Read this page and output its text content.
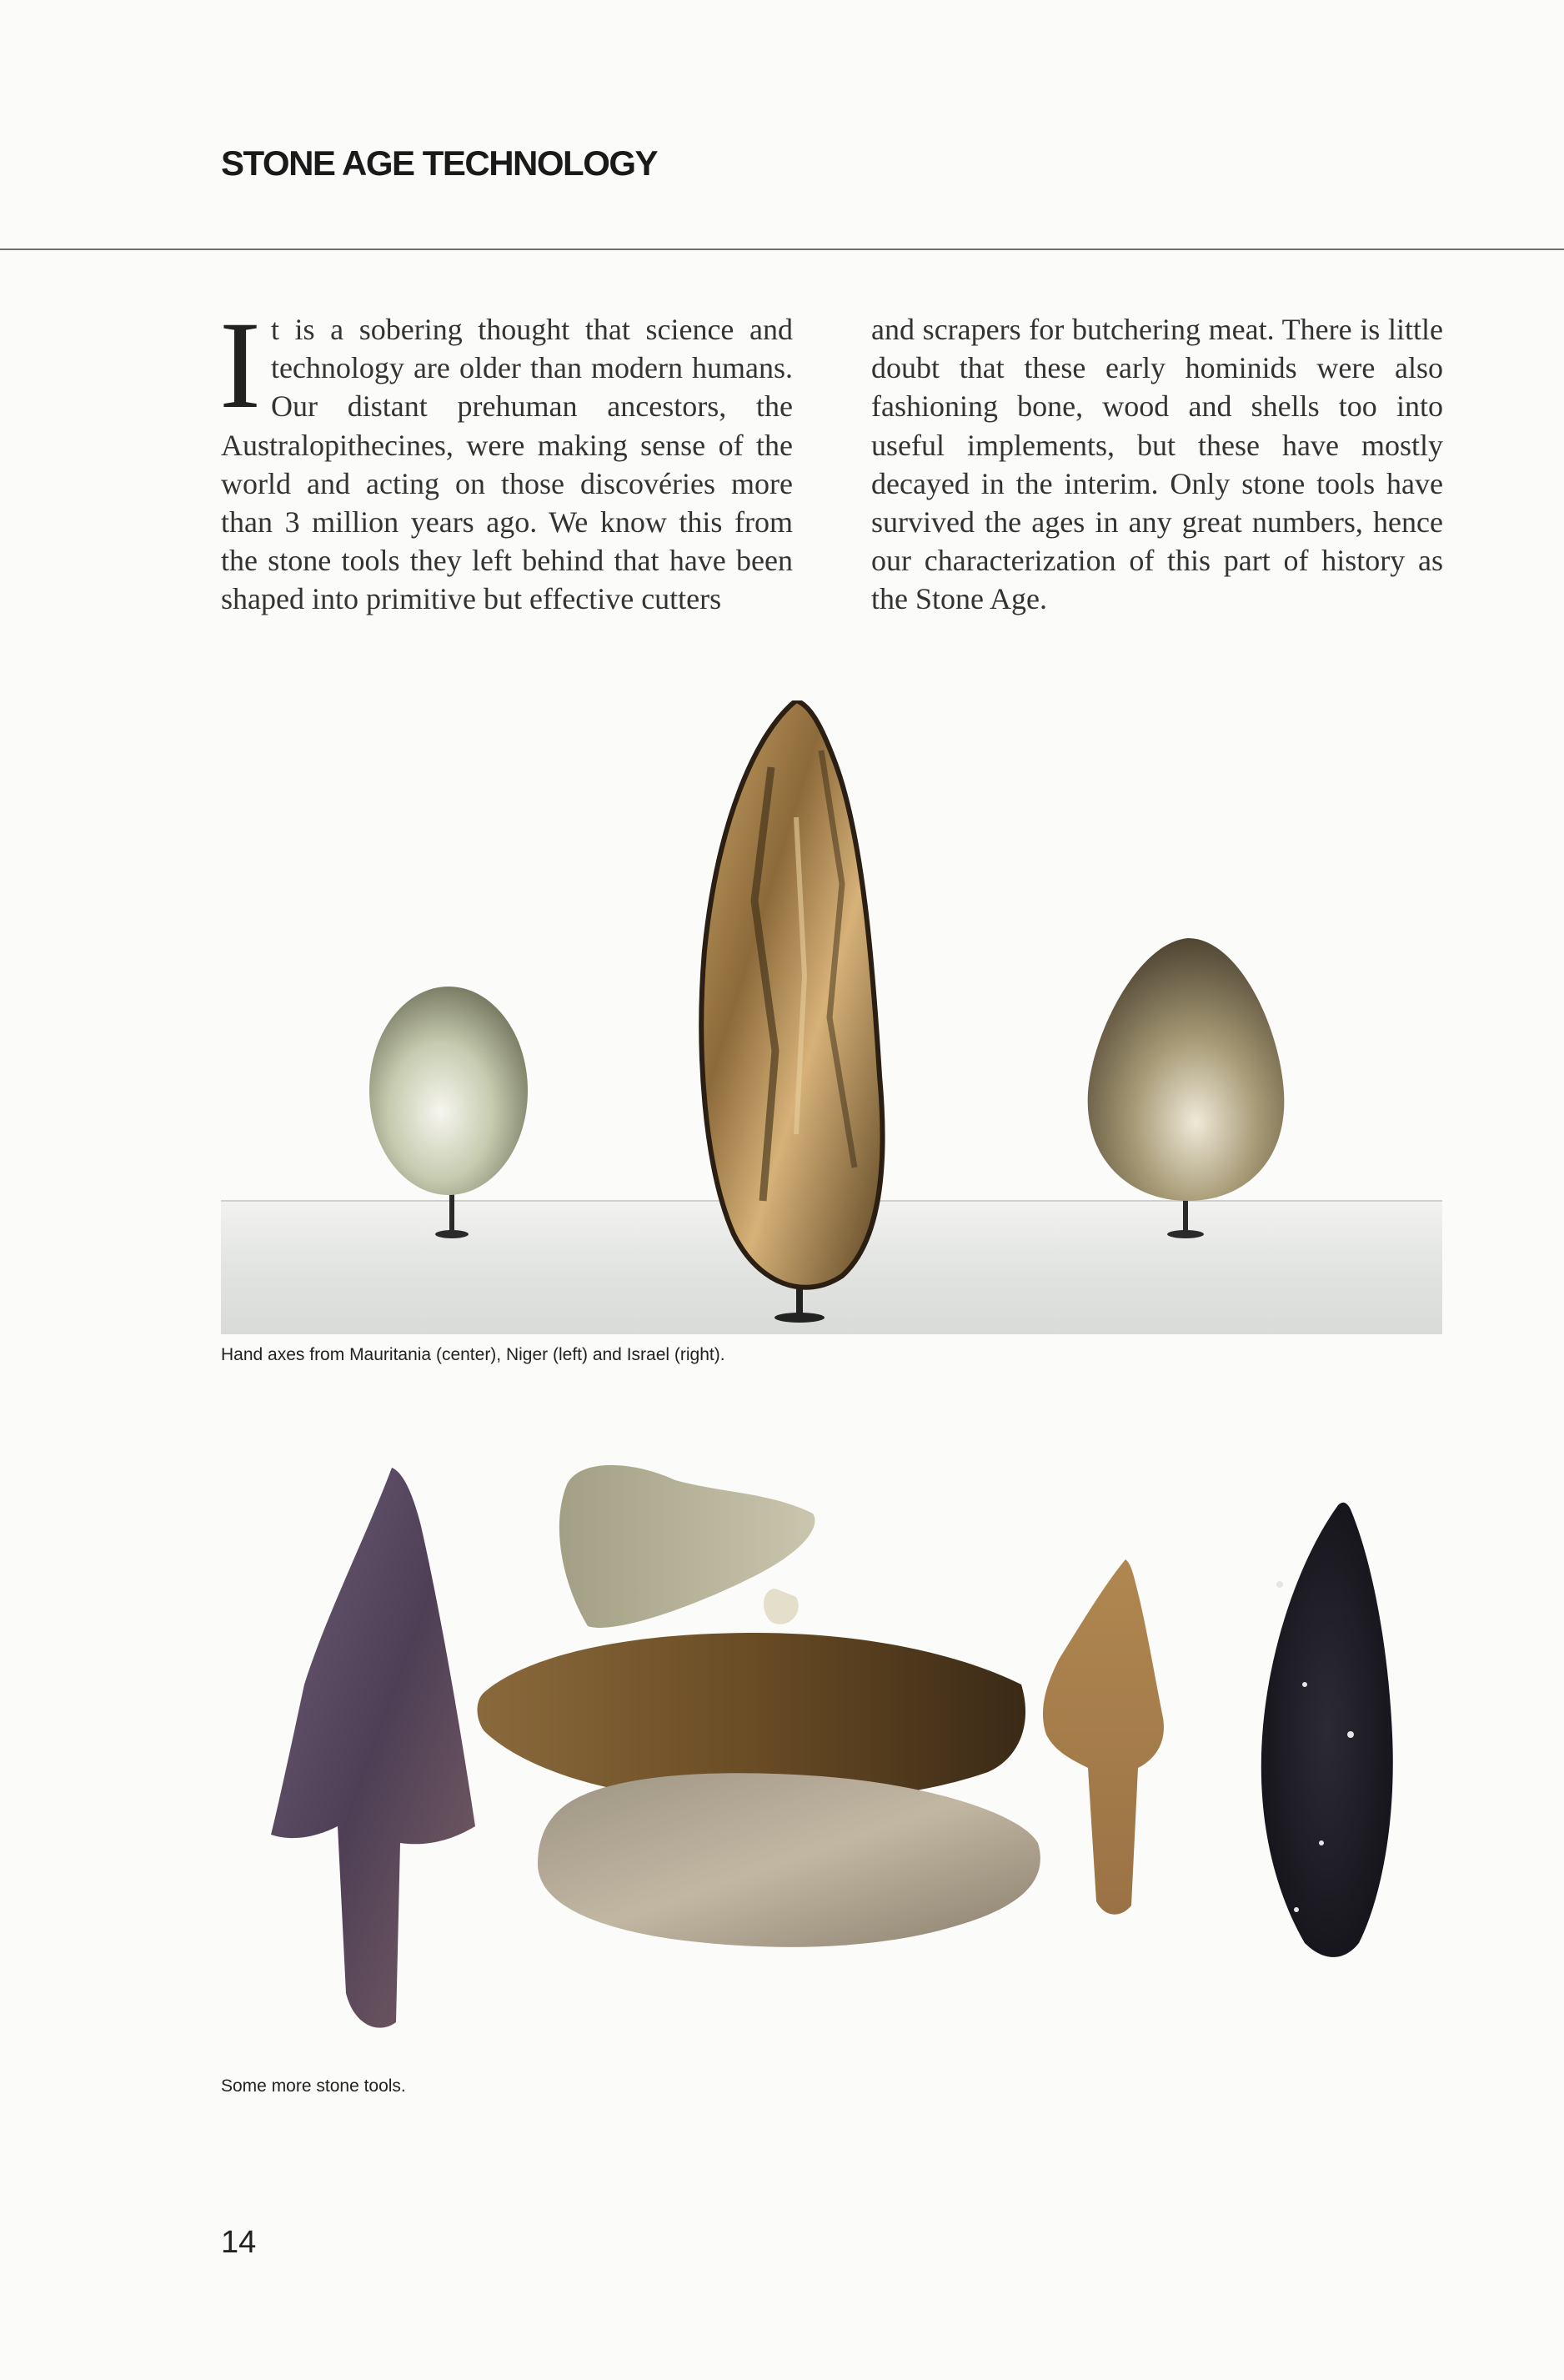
STONE AGE TECHNOLOGY

It is a sobering thought that science and technology are older than modern humans. Our distant prehuman ancestors, the Australopithecines, were making sense of the world and acting on those discovéries more than 3 million years ago. We know this from the stone tools they left behind that have been shaped into primitive but effective cutters

and scrapers for butchering meat. There is little doubt that these early hominids were also fashioning bone, wood and shells too into useful implements, but these have mostly decayed in the interim. Only stone tools have survived the ages in any great numbers, hence our characterization of this part of history as the Stone Age.

Hand axes from Mauritania (center), Niger (left) and Israel (right).

Some more stone tools.

14
